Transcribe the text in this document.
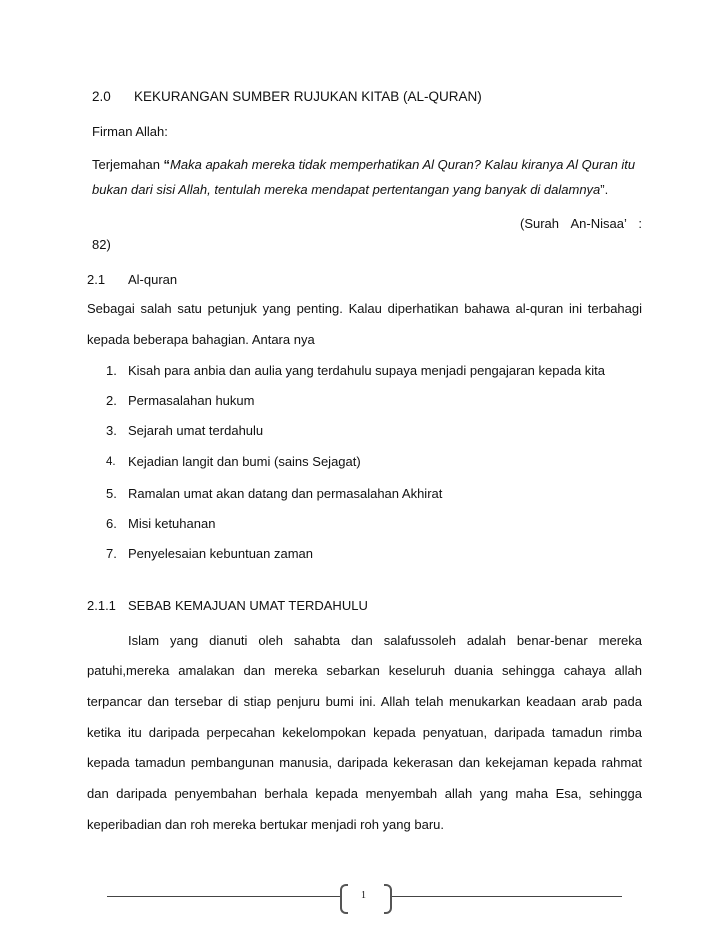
2.0 KEKURANGAN SUMBER RUJUKAN KITAB (AL-QURAN)
Firman Allah:
Terjemahan “Maka apakah mereka tidak memperhatikan Al Quran? Kalau kiranya Al Quran itu
bukan dari sisi Allah, tentulah mereka mendapat pertentangan yang banyak di dalamnya”.
(Surah An-Nisaa’ :
82)
2.1 Al-quran
Sebagai salah satu petunjuk yang penting. Kalau diperhatikan bahawa al-quran ini terbahagi
kepada beberapa bahagian. Antara nya
1. Kisah para anbia dan aulia yang terdahulu supaya menjadi pengajaran kepada kita
2. Permasalahan hukum
3. Sejarah umat terdahulu
4. Kejadian langit dan bumi (sains Sejagat)
5. Ramalan umat akan datang dan permasalahan Akhirat
6. Misi ketuhanan
7. Penyelesaian kebuntuan zaman
2.1.1 SEBAB KEMAJUAN UMAT TERDAHULU
Islam yang dianuti oleh sahabta dan salafussoleh adalah benar-benar mereka
patuhi,mereka amalakan dan mereka sebarkan keseluruh duania sehingga cahaya allah
terpancar dan tersebar di stiap penjuru bumi ini. Allah telah menukarkan keadaan arab pada
ketika itu daripada perpecahan kekelompokan kepada penyatuan, daripada tamadun rimba
kepada tamadun pembangunan manusia, daripada kekerasan dan kekejaman kepada rahmat
dan daripada penyembahan berhala kepada menyembah allah yang maha Esa, sehingga
keperibadian dan roh mereka bertukar menjadi roh yang baru.
1
